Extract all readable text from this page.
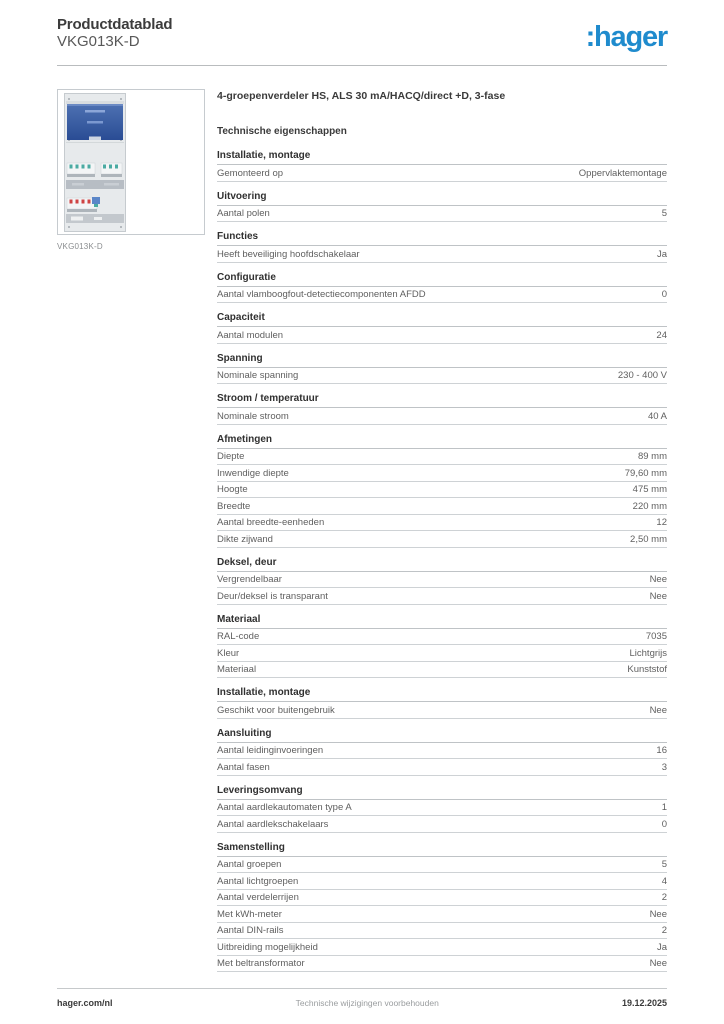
Productdatablad
VKG013K-D	:hager
VKG013K-D
4-groepenverdeler HS, ALS 30 mA/HACQ/direct +D, 3-fase
Technische eigenschappen
Installatie, montage
Gemonteerd op	Oppervlaktemontage
Uitvoering
Aantal polen	5
Functies
Heeft beveiliging hoofdschakelaar	Ja
Configuratie
Aantal vlamboogfout-detectiecomponenten AFDD	0
Capaciteit
Aantal modulen	24
Spanning
Nominale spanning	230 - 400 V
Stroom / temperatuur
Nominale stroom	40 A
Afmetingen
Diepte	89 mm
Inwendige diepte	79,60 mm
Hoogte	475 mm
Breedte	220 mm
Aantal breedte-eenheden	12
Dikte zijwand	2,50 mm
Deksel, deur
Vergrendelbaar	Nee
Deur/deksel is transparant	Nee
Materiaal
RAL-code	7035
Kleur	Lichtgrijs
Materiaal	Kunststof
Installatie, montage
Geschikt voor buitengebruik	Nee
Aansluiting
Aantal leidinginvoeringen	16
Aantal fasen	3
Leveringsomvang
Aantal aardlekautomaten type A	1
Aantal aardlekschakelaars	0
Samenstelling
Aantal groepen	5
Aantal lichtgroepen	4
Aantal verdelerrijen	2
Met kWh-meter	Nee
Aantal DIN-rails	2
Uitbreiding mogelijkheid	Ja
Met beltransformator	Nee
hager.com/nl	Technische wijzigingen voorbehouden	19.12.2025
